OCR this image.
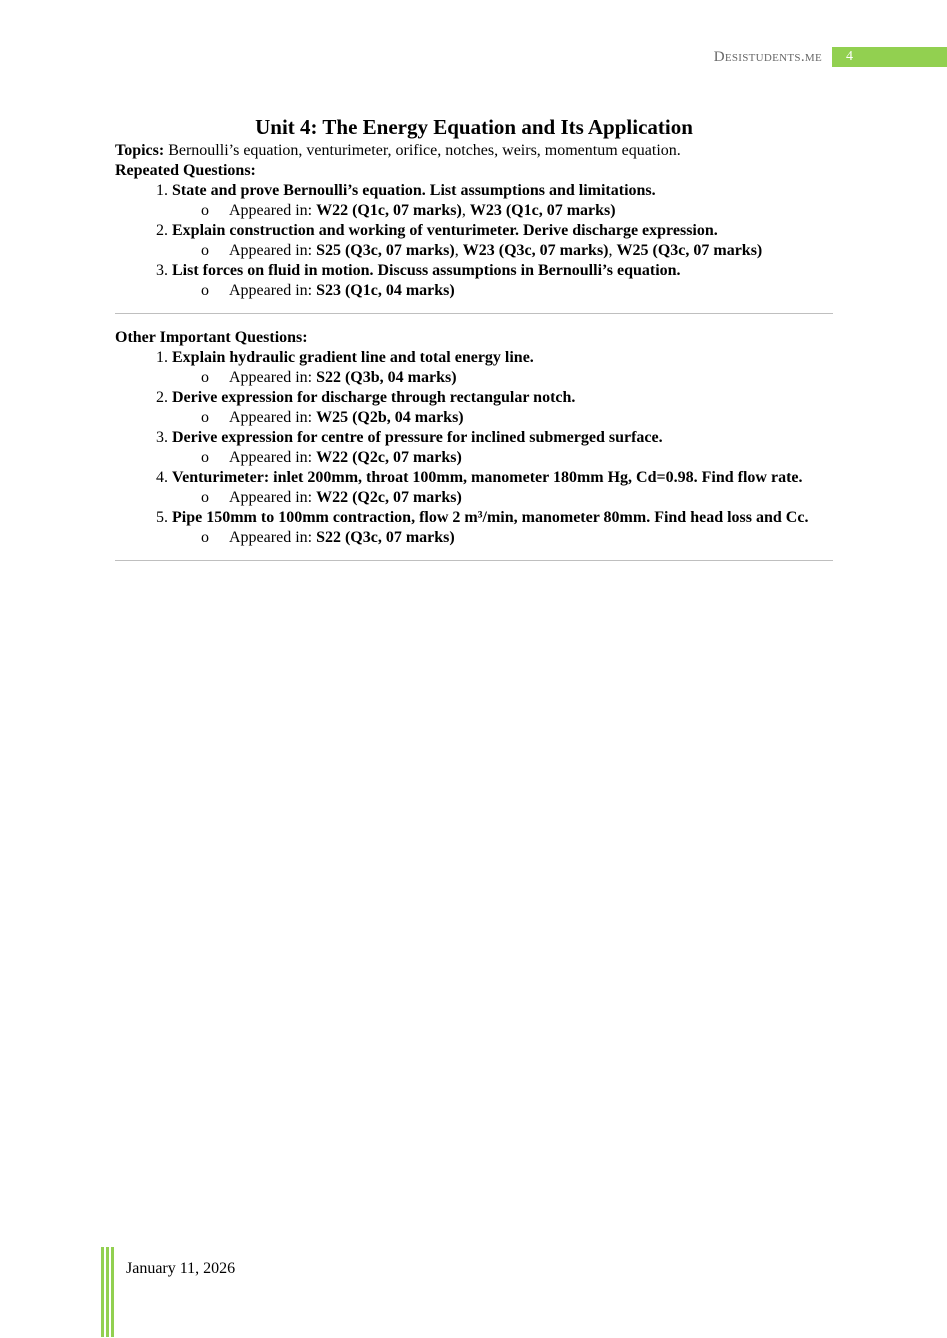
Desistudents.me	4
Unit 4: The Energy Equation and Its Application
Topics: Bernoulli’s equation, venturimeter, orifice, notches, weirs, momentum equation.
Repeated Questions:
1. State and prove Bernoulli’s equation. List assumptions and limitations.
o Appeared in: W22 (Q1c, 07 marks), W23 (Q1c, 07 marks)
2. Explain construction and working of venturimeter. Derive discharge expression.
o Appeared in: S25 (Q3c, 07 marks), W23 (Q3c, 07 marks), W25 (Q3c, 07 marks)
3. List forces on fluid in motion. Discuss assumptions in Bernoulli’s equation.
o Appeared in: S23 (Q1c, 04 marks)
Other Important Questions:
1. Explain hydraulic gradient line and total energy line.
o Appeared in: S22 (Q3b, 04 marks)
2. Derive expression for discharge through rectangular notch.
o Appeared in: W25 (Q2b, 04 marks)
3. Derive expression for centre of pressure for inclined submerged surface.
o Appeared in: W22 (Q2c, 07 marks)
4. Venturimeter: inlet 200mm, throat 100mm, manometer 180mm Hg, Cd=0.98. Find flow rate.
o Appeared in: W22 (Q2c, 07 marks)
5. Pipe 150mm to 100mm contraction, flow 2 m³/min, manometer 80mm. Find head loss and Cc.
o Appeared in: S22 (Q3c, 07 marks)
January 11, 2026
